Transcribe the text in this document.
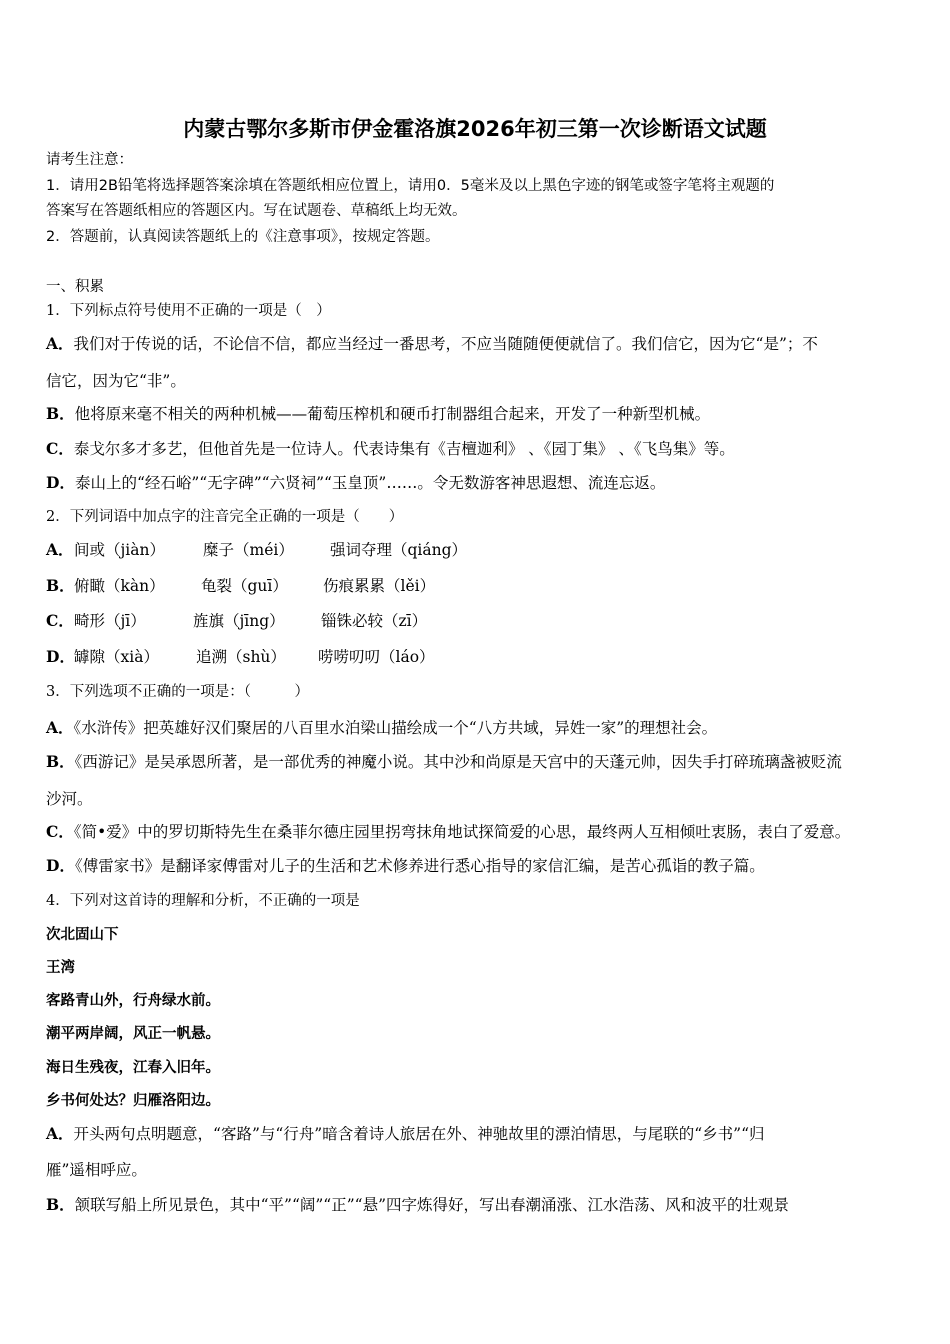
内蒙古鄂尔多斯市伊金霍洛旗2026年初三第一次诊断语文试题
请考生注意：
1．请用2B铅笔将选择题答案涂填在答题纸相应位置上，请用0．5毫米及以上黑色字迹的钢笔或签字笔将主观题的
答案写在答题纸相应的答题区内。写在试题卷、草稿纸上均无效。
2．答题前，认真阅读答题纸上的《注意事项》，按规定答题。
一、积累
1．下列标点符号使用不正确的一项是（　）
A．我们对于传说的话，不论信不信，都应当经过一番思考，不应当随随便便就信了。我们信它，因为它“是”；不
信它，因为它“非”。
B．他将原来毫不相关的两种机械——葡萄压榨机和硬币打制器组合起来，开发了一种新型机械。
C．泰戈尔多才多艺，但他首先是一位诗人。代表诗集有《吉檀迦利》 、《园丁集》 、《飞鸟集》等。
D．泰山上的“经石峪”“无字碑”“六贤祠”“玉皇顶”……。令无数游客神思遐想、流连忘返。
2．下列词语中加点字的注音完全正确的一项是（　　）
A． 间或（jiàn） 糜子（méi） 强词夺理（qiáng）
B． 俯瞰（kàn） 龟裂（guī） 伤痕累累（lěi）
C． 畸形（jī）	旌旗（jīng） 锱铢必较（zī）
D． 罅隙（xià） 追溯（shù） 唠唠叨叨（láo）
3．下列选项不正确的一项是：（　　　）
A．《水浒传》把英雄好汉们聚居的八百里水泊梁山描绘成一个“八方共域，异姓一家”的理想社会。
B．《西游记》是吴承恩所著，是一部优秀的神魔小说。其中沙和尚原是天宫中的天蓬元帅，因失手打碎琉璃盏被贬流
沙河。
C．《简•爱》中的罗切斯特先生在桑菲尔德庄园里拐弯抹角地试探简爱的心思，最终两人互相倾吐衷肠，表白了爱意。
D．《傅雷家书》是翻译家傅雷对儿子的生活和艺术修养进行悉心指导的家信汇编，是苦心孤诣的教子篇。
4．下列对这首诗的理解和分析，不正确的一项是
次北固山下
王湾
客路青山外，行舟绿水前。
潮平两岸阔，风正一帆悬。
海日生残夜，江春入旧年。
乡书何处达？归雁洛阳边。
A．开头两句点明题意，“客路”与“行舟”暗含着诗人旅居在外、神驰故里的漂泊情思，与尾联的“乡书”“归
雁”遥相呼应。
B．颔联写船上所见景色，其中“平”“阔”“正”“悬”四字炼得好，写出春潮涌涨、江水浩荡、风和波平的壮观景
